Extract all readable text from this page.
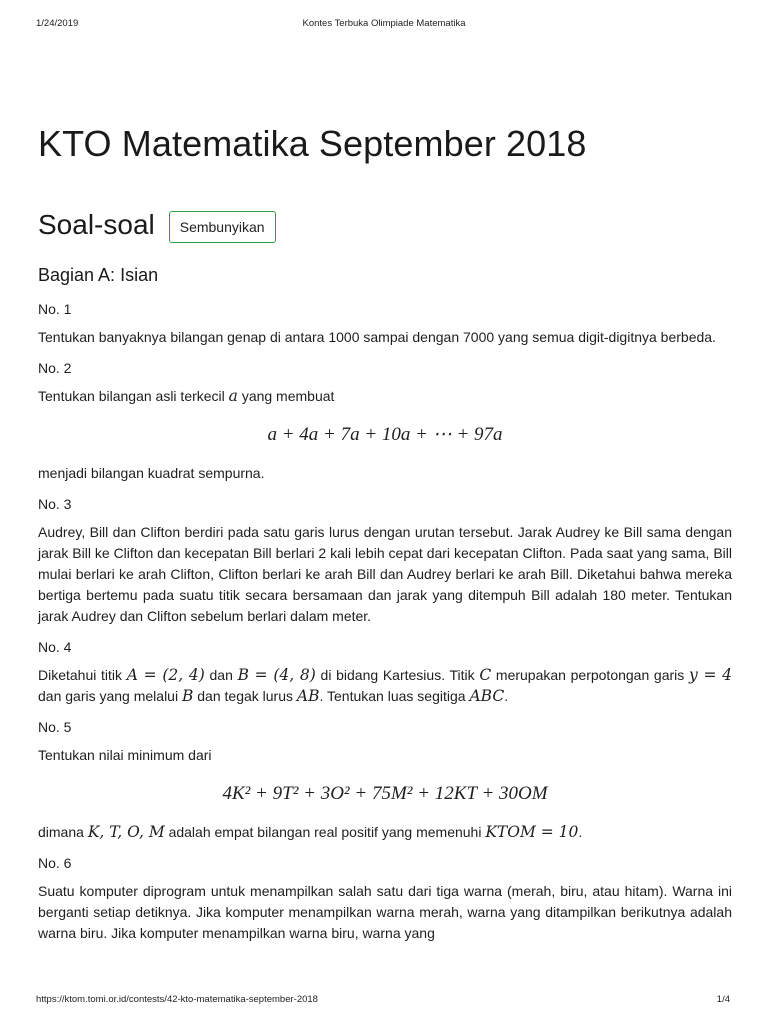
1/24/2019	Kontes Terbuka Olimpiade Matematika
KTO Matematika September 2018
Soal-soal	Sembunyikan
Bagian A: Isian
No. 1

Tentukan banyaknya bilangan genap di antara 1000 sampai dengan 7000 yang semua digit-digitnya berbeda.

No. 2

Tentukan bilangan asli terkecil a yang membuat

a + 4a + 7a + 10a + ⋯ + 97a

menjadi bilangan kuadrat sempurna.

No. 3

Audrey, Bill dan Clifton berdiri pada satu garis lurus dengan urutan tersebut. Jarak Audrey ke Bill sama dengan jarak Bill ke Clifton dan kecepatan Bill berlari 2 kali lebih cepat dari kecepatan Clifton. Pada saat yang sama, Bill mulai berlari ke arah Clifton, Clifton berlari ke arah Bill dan Audrey berlari ke arah Bill. Diketahui bahwa mereka bertiga bertemu pada suatu titik secara bersamaan dan jarak yang ditempuh Bill adalah 180 meter. Tentukan jarak Audrey dan Clifton sebelum berlari dalam meter.

No. 4

Diketahui titik A = (2, 4) dan B = (4, 8) di bidang Kartesius. Titik C merupakan perpotongan garis y = 4 dan garis yang melalui B dan tegak lurus AB. Tentukan luas segitiga ABC.

No. 5

Tentukan nilai minimum dari

4K² + 9T² + 3O² + 75M² + 12KT + 30OM

dimana K, T, O, M adalah empat bilangan real positif yang memenuhi KTOM = 10.

No. 6

Suatu komputer diprogram untuk menampilkan salah satu dari tiga warna (merah, biru, atau hitam). Warna ini berganti setiap detiknya. Jika komputer menampilkan warna merah, warna yang ditampilkan berikutnya adalah warna biru. Jika komputer menampilkan warna biru, warna yang

https://ktom.tomi.or.id/contests/42-kto-matematika-september-2018	1/4
